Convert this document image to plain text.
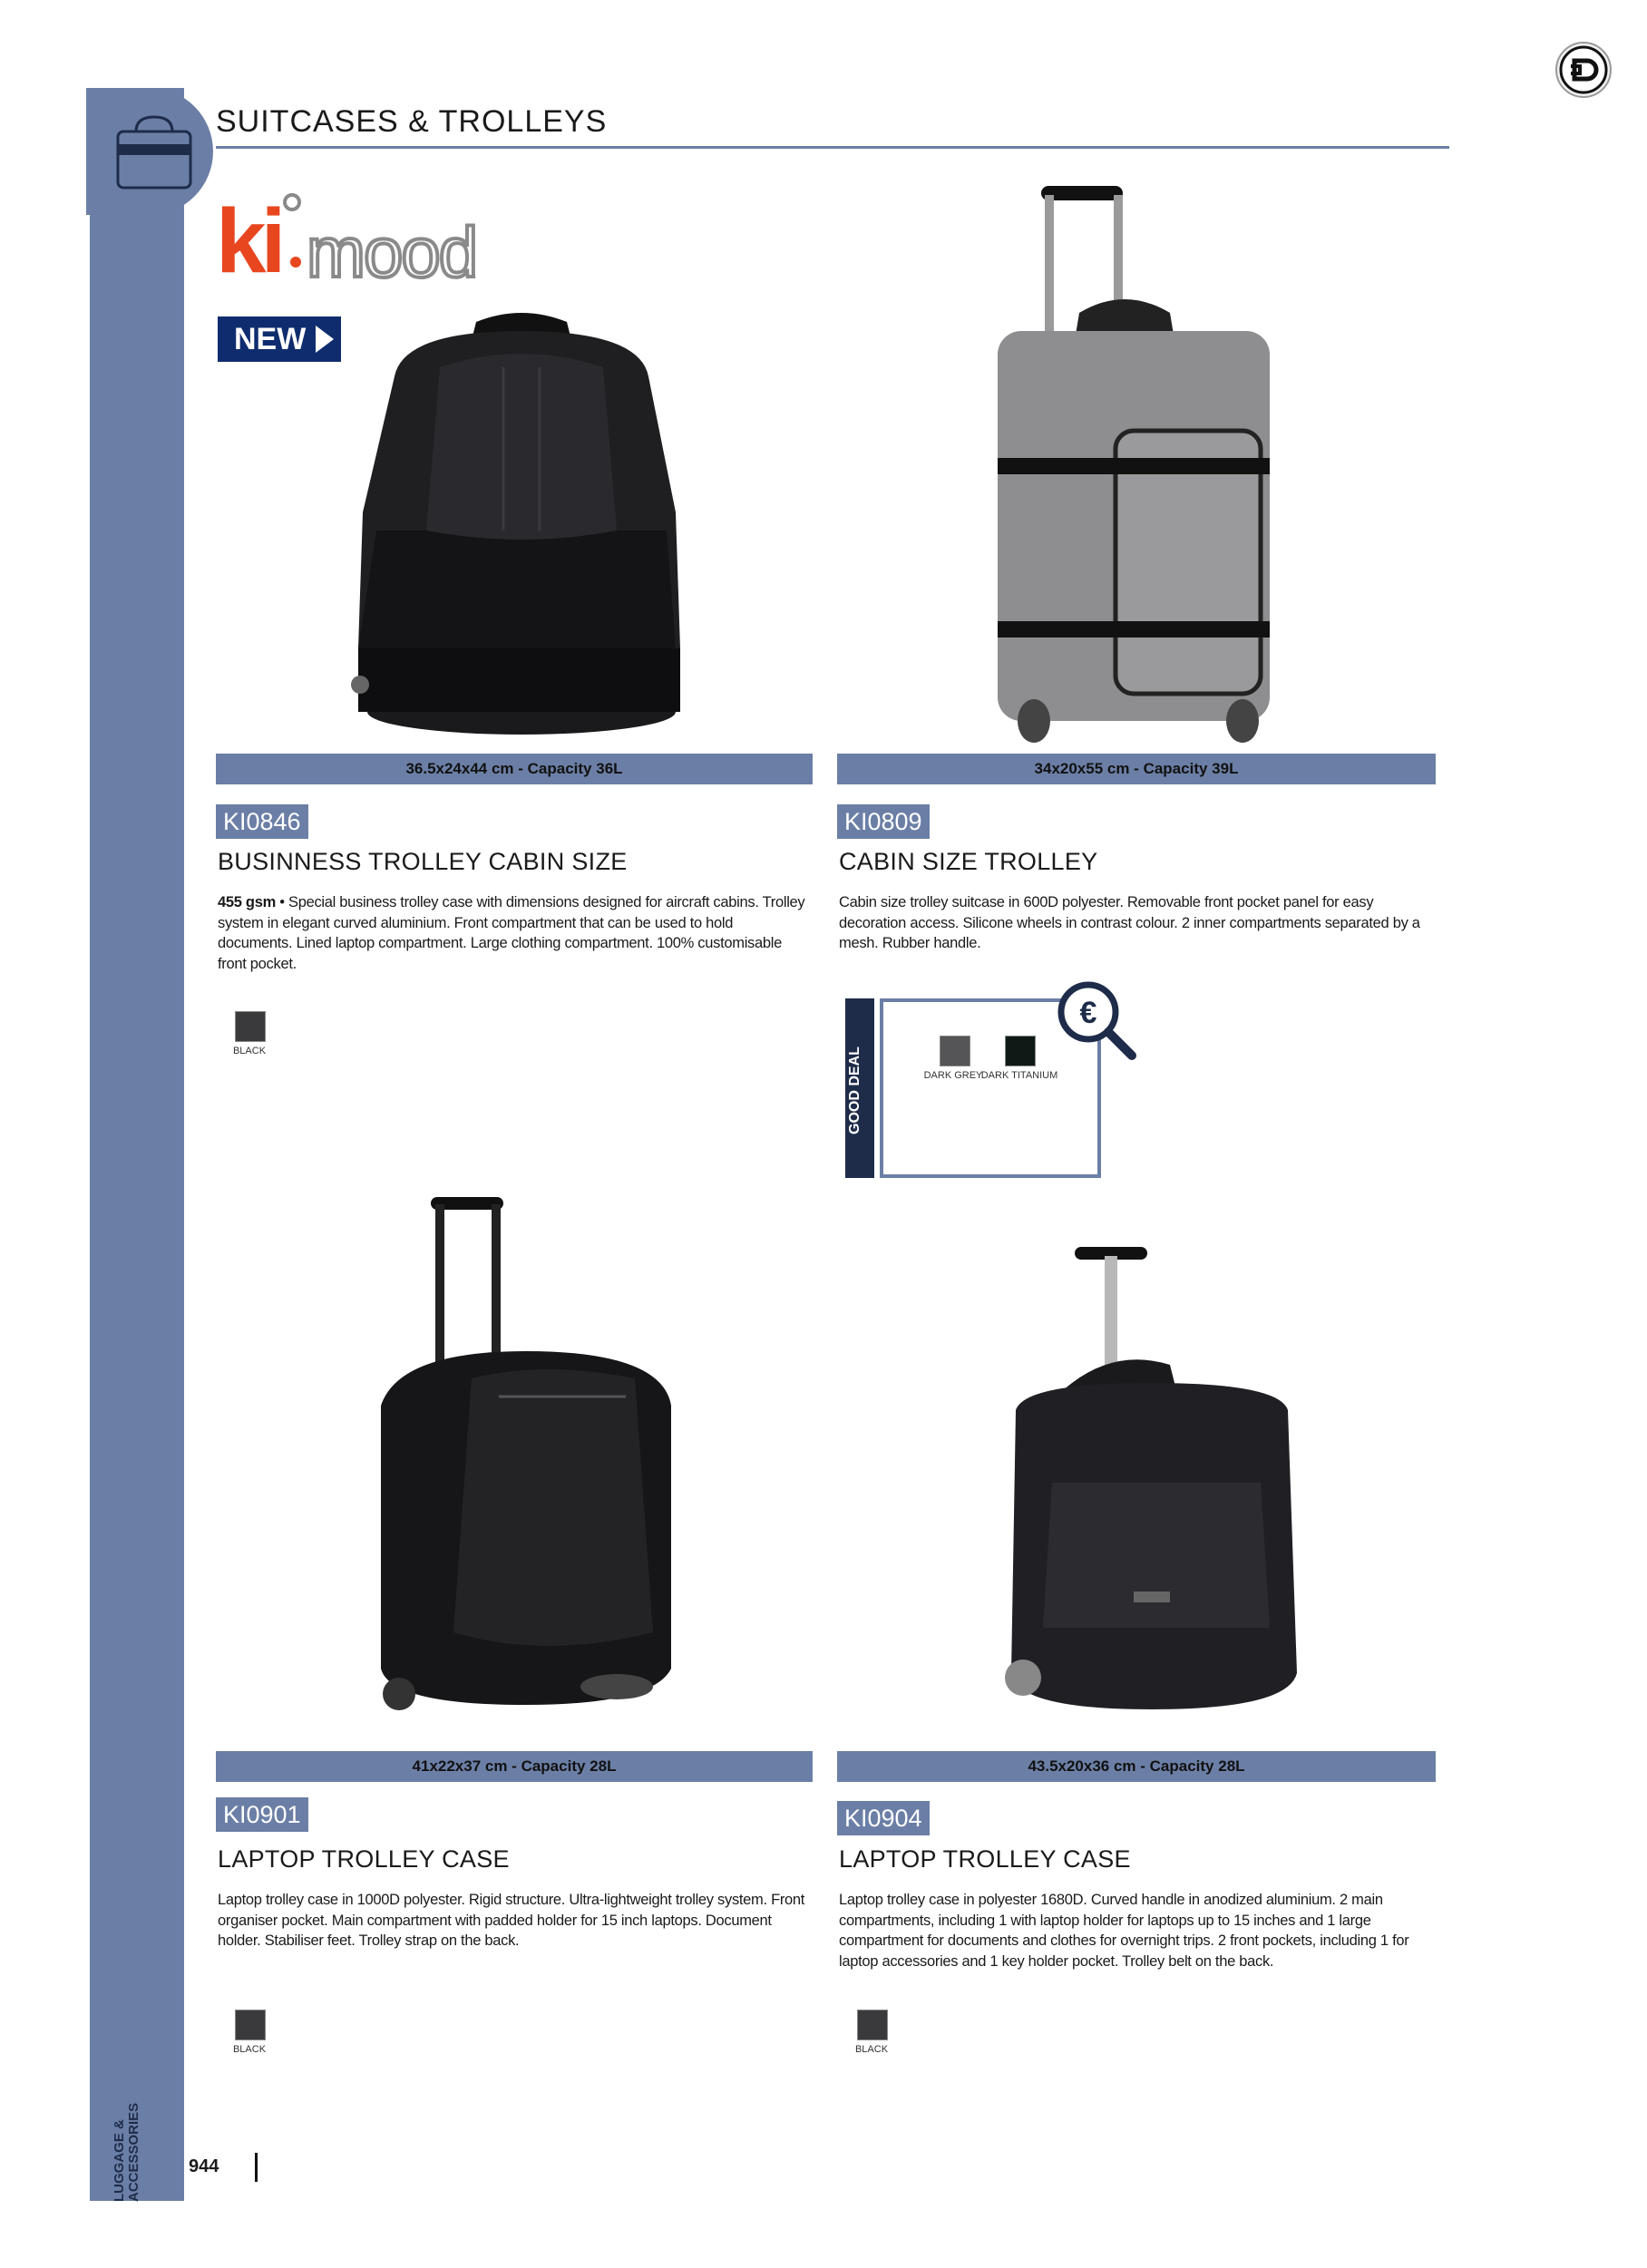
LUGGAGE & ACCESSORIES
SUITCASES & TROLLEYS
ki mood
NEW
36.5x24x44 cm - Capacity 36L
KI0846
BUSINNESS TROLLEY CABIN SIZE
455 gsm • Special business trolley case with dimensions designed for aircraft cabins. Trolley system in elegant curved aluminium. Front compartment that can be used to hold documents. Lined laptop compartment. Large clothing compartment. 100% customisable front pocket.
BLACK
34x20x55 cm - Capacity 39L
KI0809
CABIN SIZE TROLLEY
Cabin size trolley suitcase in 600D polyester. Removable front pocket panel for easy decoration access. Silicone wheels in contrast colour. 2 inner compartments separated by a mesh. Rubber handle.
GOOD DEAL	DARK GREY
DARK TITANIUM
€
41x22x37 cm - Capacity 28L
KI0901
LAPTOP TROLLEY CASE
Laptop trolley case in 1000D polyester. Rigid structure. Ultra-lightweight trolley system. Front organiser pocket. Main compartment with padded holder for 15 inch laptops. Document holder. Stabiliser feet. Trolley strap on the back.
BLACK
43.5x20x36 cm - Capacity 28L
KI0904
LAPTOP TROLLEY CASE
Laptop trolley case in polyester 1680D. Curved handle in anodized aluminium. 2 main compartments, including 1 with laptop holder for laptops up to 15 inches and 1 large compartment for documents and clothes for overnight trips. 2 front pockets, including 1 for laptop accessories and 1 key holder pocket. Trolley belt on the back.
BLACK
944
